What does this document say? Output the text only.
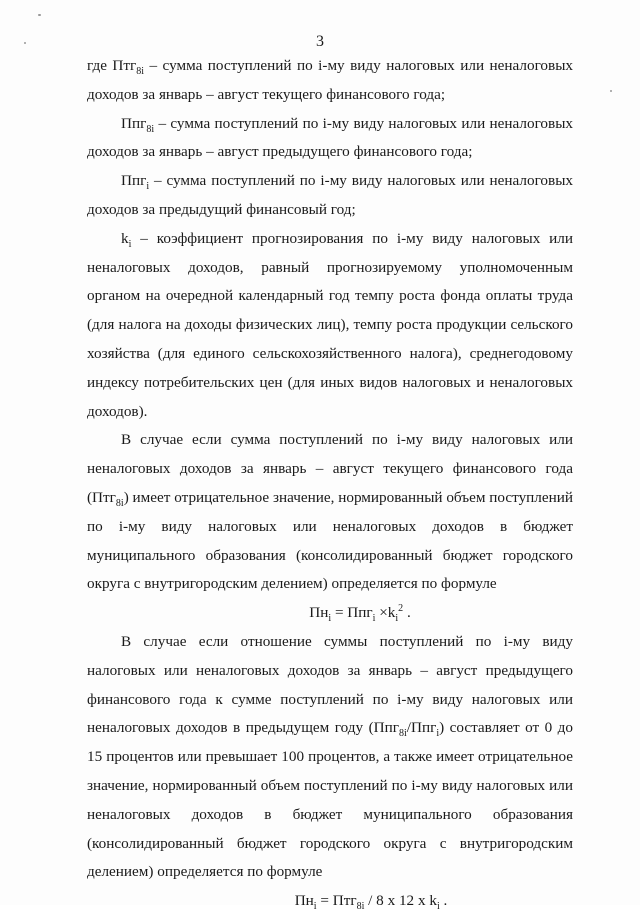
3

где Птг$_{8i}$ – сумма поступлений по i-му виду налоговых или неналоговых доходов за январь – август текущего финансового года;

Ппг$_{8i}$ – сумма поступлений по i-му виду налоговых или неналоговых доходов за январь – август предыдущего финансового года;

Ппг$_i$ – сумма поступлений по i-му виду налоговых или неналоговых доходов за предыдущий финансовый год;

$k_i$ – коэффициент прогнозирования по i-му виду налоговых или неналоговых доходов, равный прогнозируемому уполномоченным органом на очередной календарный год темпу роста фонда оплаты труда (для налога на доходы физических лиц), темпу роста продукции сельского хозяйства (для единого сельскохозяйственного налога), среднегодовому индексу потребительских цен (для иных видов налоговых и неналоговых доходов).

В случае если сумма поступлений по i-му виду налоговых или неналоговых доходов за январь – август текущего финансового года (Птг$_{8i}$) имеет отрицательное значение, нормированный объем поступлений по i-му виду налоговых или неналоговых доходов в бюджет муниципального образования (консолидированный бюджет городского округа с внутригородским делением) определяется по формуле

$Пн_i = Ппг_i \times k_i^2$ .

В случае если отношение суммы поступлений по i-му виду налоговых или неналоговых доходов за январь – август предыдущего финансового года к сумме поступлений по i-му виду налоговых или неналоговых доходов в предыдущем году (Ппг$_{8i}$/Ппг$_i$) составляет от 0 до 15 процентов или превышает 100 процентов, а также имеет отрицательное значение, нормированный объем поступлений по i-му виду налоговых или неналоговых доходов в бюджет муниципального образования (консолидированный бюджет городского округа с внутригородским делением) определяется по формуле

$Пн_i = Птг_{8i} / 8$ х 12 х $k_i$ .
